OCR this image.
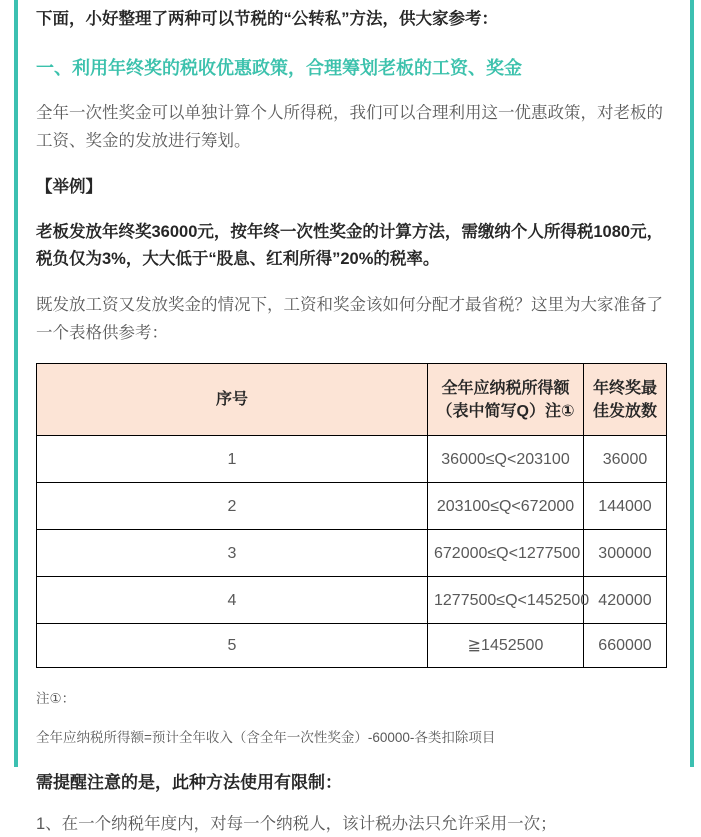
下面，小好整理了两种可以节税的“公转私”方法，供大家参考：

一、利用年终奖的税收优惠政策，合理筹划老板的工资、奖金

全年一次性奖金可以单独计算个人所得税，我们可以合理利用这一优惠政策，对老板的工资、奖金的发放进行筹划。

【举例】

老板发放年终奖36000元，按年终一次性奖金的计算方法，需缴纳个人所得税1080元，税负仅为3%，大大低于“股息、红利所得”20%的税率。

既发放工资又发放奖金的情况下，工资和奖金该如何分配才最省税？这里为大家准备了一个表格供参考：

序号	全年应纳税所得额（表中简写Q）注①	年终奖最佳发放数
1	36000≤Q<203100	36000
2	203100≤Q<672000	144000
3	672000≤Q<1277500	300000
4	1277500≤Q<1452500	420000
5	≧1452500	660000

注①：

全年应纳税所得额=预计全年收入（含全年一次性奖金）-60000-各类扣除项目

需提醒注意的是，此种方法使用有限制：

1、在一个纳税年度内，对每一个纳税人，该计税办法只允许采用一次；
